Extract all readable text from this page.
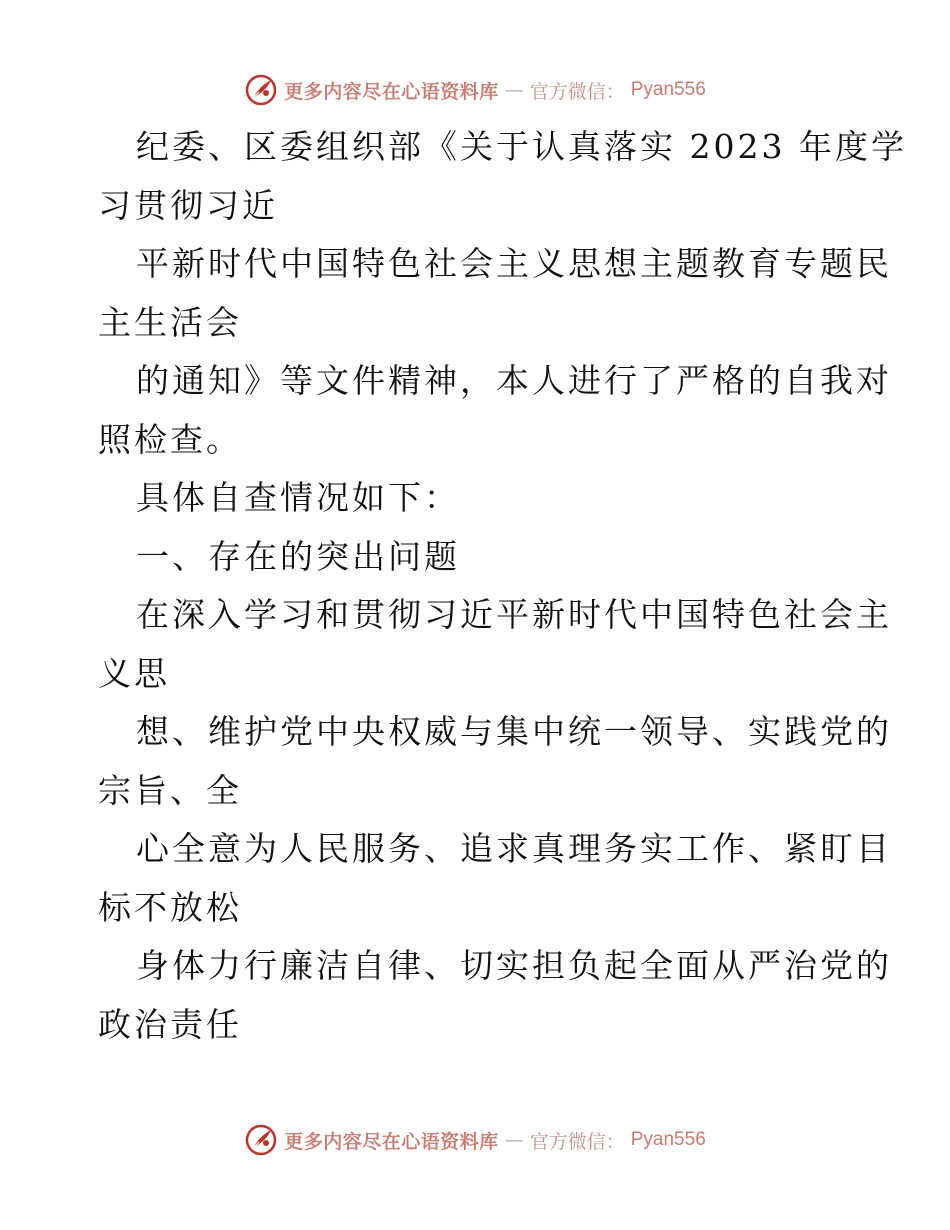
更多内容尽在心语资料库 — 官方微信： Pyan556
纪委、区委组织部《关于认真落实 2023 年度学
习贯彻习近
平新时代中国特色社会主义思想主题教育专题民
主生活会
的通知》等文件精神，本人进行了严格的自我对
照检查。
具体自查情况如下：
一、存在的突出问题
在深入学习和贯彻习近平新时代中国特色社会主
义思
想、维护党中央权威与集中统一领导、实践党的
宗旨、全
心全意为人民服务、追求真理务实工作、紧盯目
标不放松
身体力行廉洁自律、切实担负起全面从严治党的
政治责任
更多内容尽在心语资料库 — 官方微信： Pyan556
